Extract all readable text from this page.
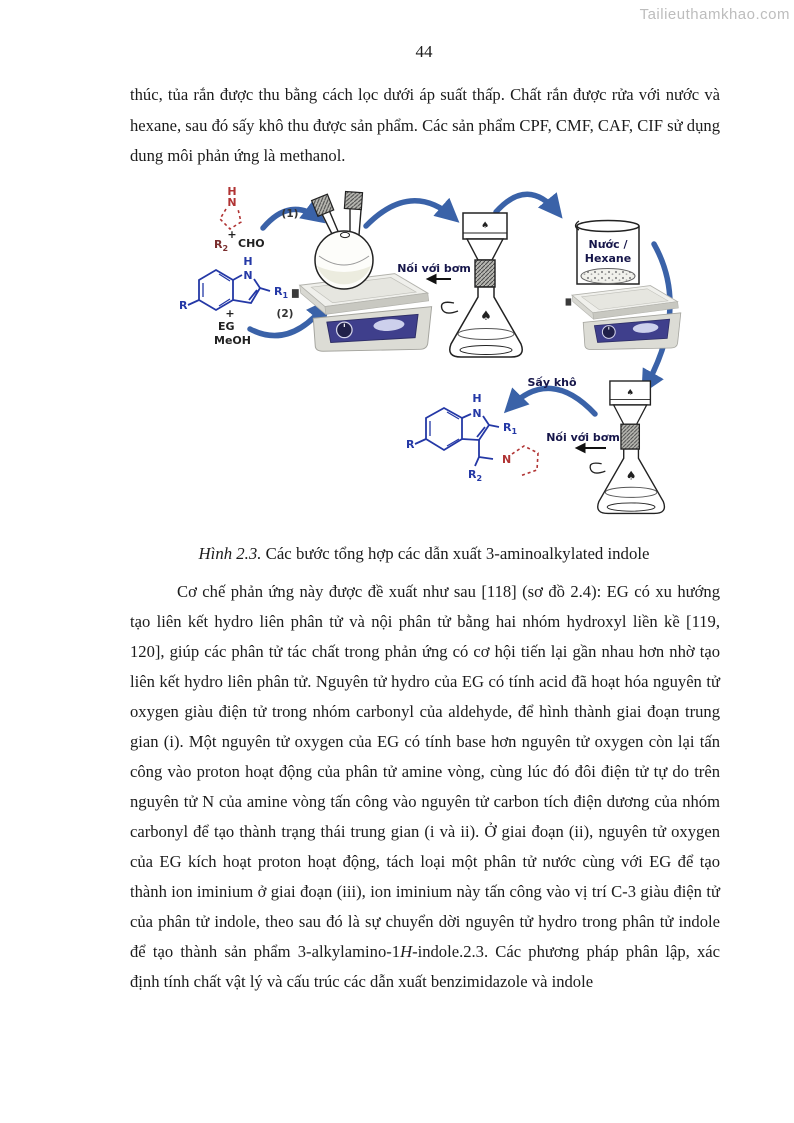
Tailieuthamkhao.com
44
thúc, tủa rắn được thu bằng cách lọc dưới áp suất thấp. Chất rắn được rửa với nước và hexane, sau đó sấy khô thu được sản phẩm. Các sản phẩm CPF, CMF, CAF, CIF sử dụng dung môi phản ứng là methanol.
♠
♠
H
N
+
$R_2$ CHO
(1)
(2)
H
N
$R_1$
R
+
EG
MeOH
Nối với bơm
Nước /
Hexane
Sấy khô
Nối với bơm
H
N
$R_1$
R
$R_2$
N
Hình 2.3. Các bước tổng hợp các dẫn xuất 3-aminoalkylated indole
Cơ chế phản ứng này được đề xuất như sau [118] (sơ đồ 2.4): EG có xu hướng tạo liên kết hydro liên phân tử và nội phân tử bằng hai nhóm hydroxyl liền kề [119, 120], giúp các phân tử tác chất trong phản ứng có cơ hội tiến lại gần nhau hơn nhờ tạo liên kết hydro liên phân tử. Nguyên tử hydro của EG có tính acid đã hoạt hóa nguyên tử oxygen giàu điện tử trong nhóm carbonyl của aldehyde, để hình thành giai đoạn trung gian (i). Một nguyên tử oxygen của EG có tính base hơn nguyên tử oxygen còn lại tấn công vào proton hoạt động của phân tử amine vòng, cùng lúc đó đôi điện tử tự do trên nguyên tử N của amine vòng tấn công vào nguyên tử carbon tích điện dương của nhóm carbonyl để tạo thành trạng thái trung gian (i và ii). Ở giai đoạn (ii), nguyên tử oxygen của EG kích hoạt proton hoạt động, tách loại một phân tử nước cùng với EG để tạo thành ion iminium ở giai đoạn (iii), ion iminium này tấn công vào vị trí C-3 giàu điện tử của phân tử indole, theo sau đó là sự chuyển dời nguyên tử hydro trong phân tử indole để tạo thành sản phẩm 3-alkylamino-1H-indole.2.3. Các phương pháp phân lập, xác định tính chất vật lý và cấu trúc các dẫn xuất benzimidazole và indole
